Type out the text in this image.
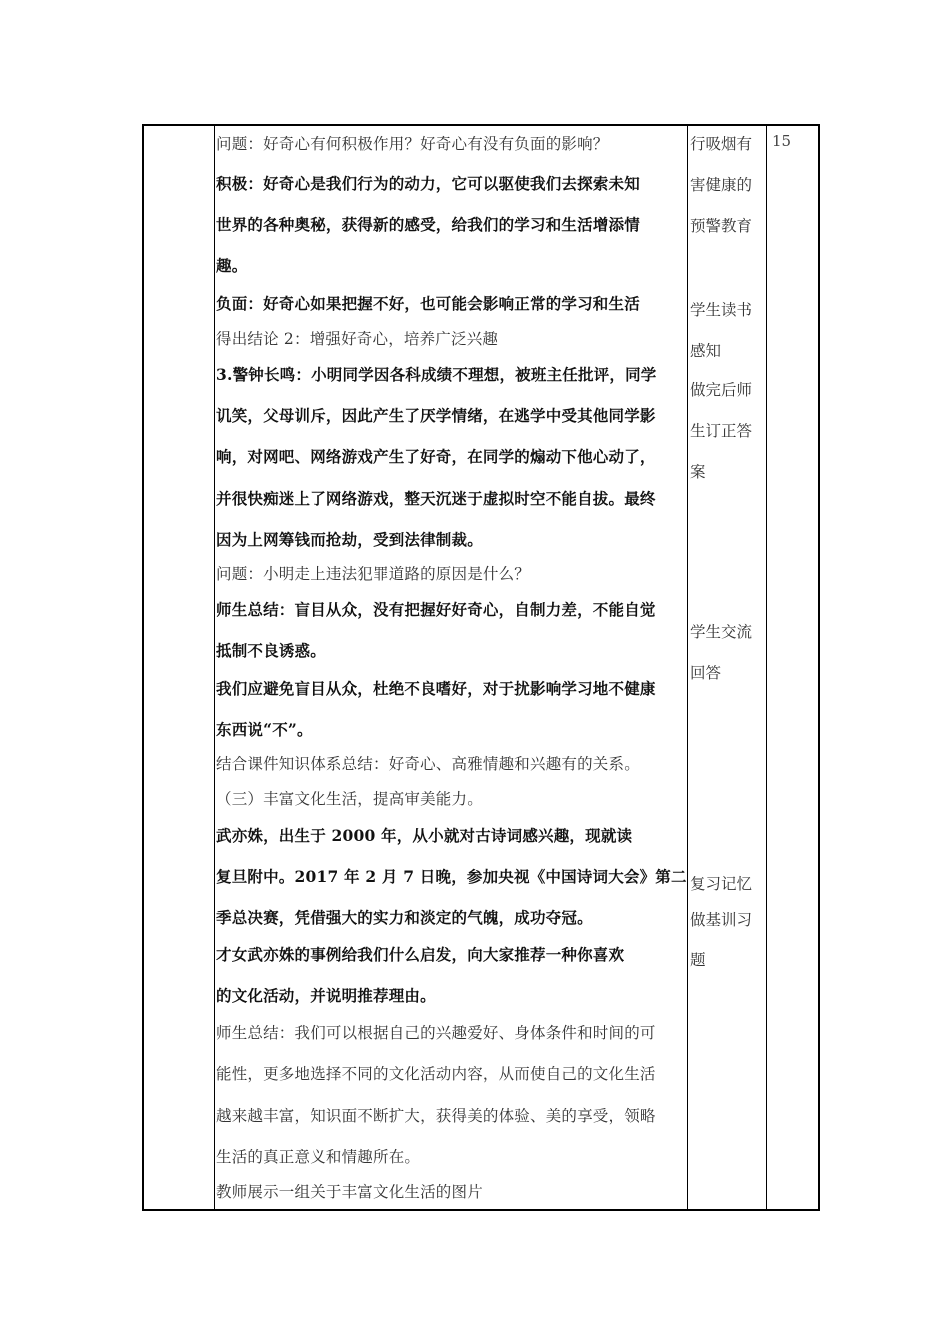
问题：好奇心有何积极作用？好奇心有没有负面的影响？
积极：好奇心是我们行为的动力，它可以驱使我们去探索未知
世界的各种奥秘，获得新的感受，给我们的学习和生活增添情
趣。
负面：好奇心如果把握不好，也可能会影响正常的学习和生活
得出结论 2：增强好奇心，培养广泛兴趣
3.警钟长鸣：小明同学因各科成绩不理想，被班主任批评，同学
讥笑，父母训斥，因此产生了厌学情绪，在逃学中受其他同学影
响，对网吧、网络游戏产生了好奇，在同学的煽动下他心动了，
并很快痴迷上了网络游戏，整天沉迷于虚拟时空不能自拔。最终
因为上网筹钱而抢劫，受到法律制裁。
问题：小明走上违法犯罪道路的原因是什么？
师生总结：盲目从众，没有把握好好奇心，自制力差，不能自觉
抵制不良诱惑。
我们应避免盲目从众，杜绝不良嗜好，对于扰影响学习地不健康
东西说“不”。
结合课件知识体系总结：好奇心、高雅情趣和兴趣有的关系。
（三）丰富文化生活，提高审美能力。
武亦姝，出生于 2000 年，从小就对古诗词感兴趣，现就读
复旦附中。2017 年 2 月 7 日晚，参加央视《中国诗词大会》第二
季总决赛，凭借强大的实力和淡定的气魄，成功夺冠。
才女武亦姝的事例给我们什么启发，向大家推荐一种你喜欢
的文化活动，并说明推荐理由。
师生总结：我们可以根据自己的兴趣爱好、身体条件和时间的可
能性，更多地选择不同的文化活动内容，从而使自己的文化生活
越来越丰富，知识面不断扩大，获得美的体验、美的享受，领略
生活的真正意义和情趣所在。
教师展示一组关于丰富文化生活的图片
行吸烟有
害健康的
预警教育
学生读书
感知
做完后师
生订正答
案
学生交流
回答
复习记忆
做基训习
题
15
